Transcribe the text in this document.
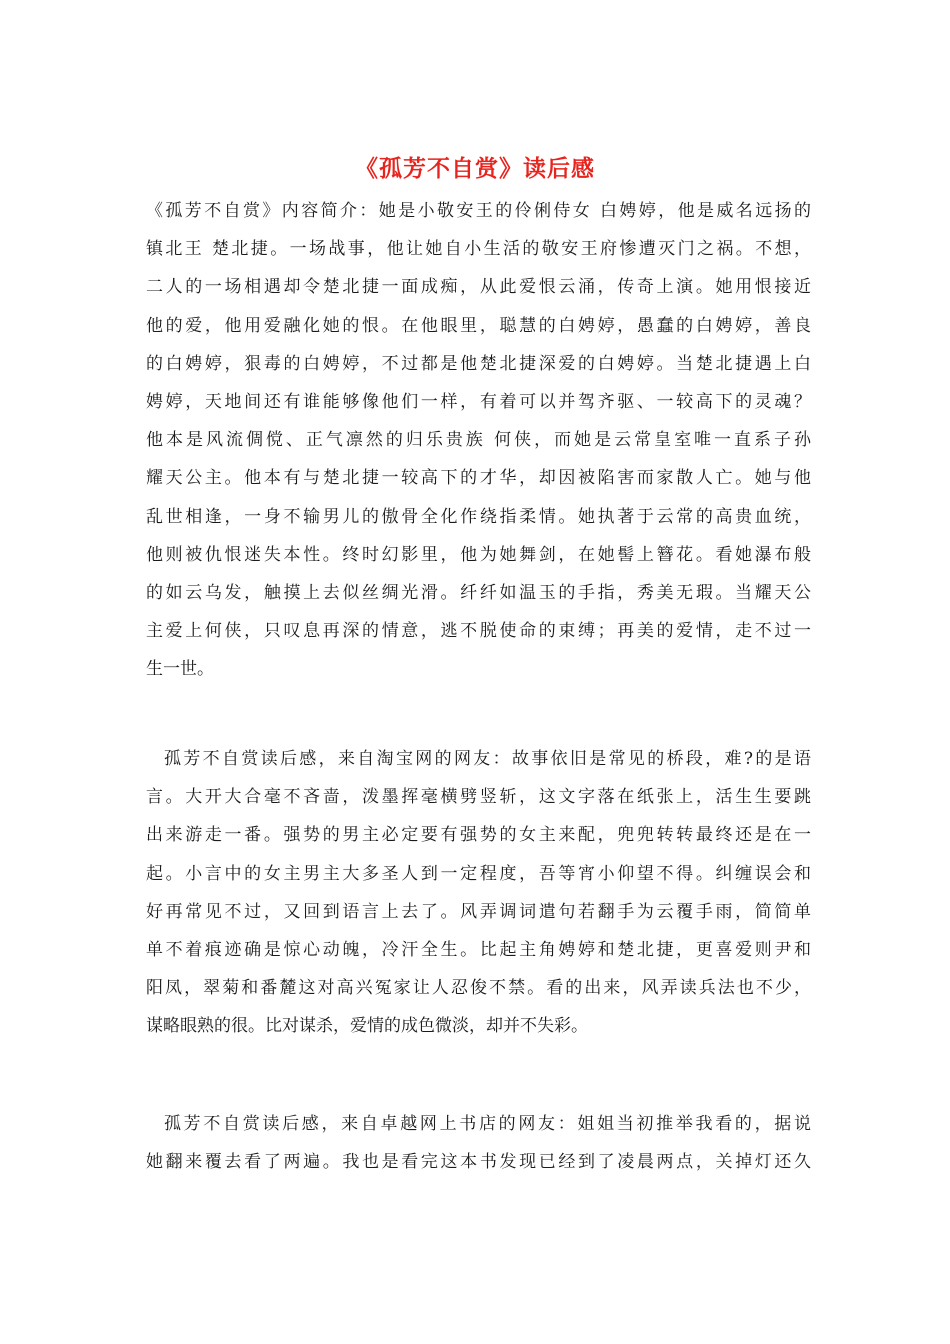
《孤芳不自赏》读后感
《孤芳不自赏》内容简介：她是小敬安王的伶俐侍女 白娉婷，他是威名远扬的
镇北王 楚北捷。一场战事，他让她自小生活的敬安王府惨遭灭门之祸。不想，
二人的一场相遇却令楚北捷一面成痴，从此爱恨云涌，传奇上演。她用恨接近
他的爱，他用爱融化她的恨。在他眼里，聪慧的白娉婷，愚蠢的白娉婷，善良
的白娉婷，狠毒的白娉婷，不过都是他楚北捷深爱的白娉婷。当楚北捷遇上白
娉婷，天地间还有谁能够像他们一样，有着可以并驾齐驱、一较高下的灵魂？
他本是风流倜傥、正气凛然的归乐贵族 何侠，而她是云常皇室唯一直系子孙
耀天公主。他本有与楚北捷一较高下的才华，却因被陷害而家散人亡。她与他
乱世相逢，一身不输男儿的傲骨全化作绕指柔情。她执著于云常的高贵血统，
他则被仇恨迷失本性。终时幻影里，他为她舞剑，在她髻上簪花。看她瀑布般
的如云乌发，触摸上去似丝绸光滑。纤纤如温玉的手指，秀美无瑕。当耀天公
主爱上何侠，只叹息再深的情意，逃不脱使命的束缚；再美的爱情，走不过一
生一世。
孤芳不自赏读后感，来自淘宝网的网友：故事依旧是常见的桥段，难?的是语
言。大开大合毫不吝啬，泼墨挥毫横劈竖斩，这文字落在纸张上，活生生要跳
出来游走一番。强势的男主必定要有强势的女主来配，兜兜转转最终还是在一
起。小言中的女主男主大多圣人到一定程度，吾等宵小仰望不得。纠缠误会和
好再常见不过，又回到语言上去了。风弄调词遣句若翻手为云覆手雨，简简单
单不着痕迹确是惊心动魄，冷汗全生。比起主角娉婷和楚北捷，更喜爱则尹和
阳凤，翠菊和番麓这对高兴冤家让人忍俊不禁。看的出来，风弄读兵法也不少，
谋略眼熟的很。比对谋杀，爱情的成色微淡，却并不失彩。
孤芳不自赏读后感，来自卓越网上书店的网友：姐姐当初推举我看的，据说
她翻来覆去看了两遍。我也是看完这本书发现已经到了凌晨两点，关掉灯还久
